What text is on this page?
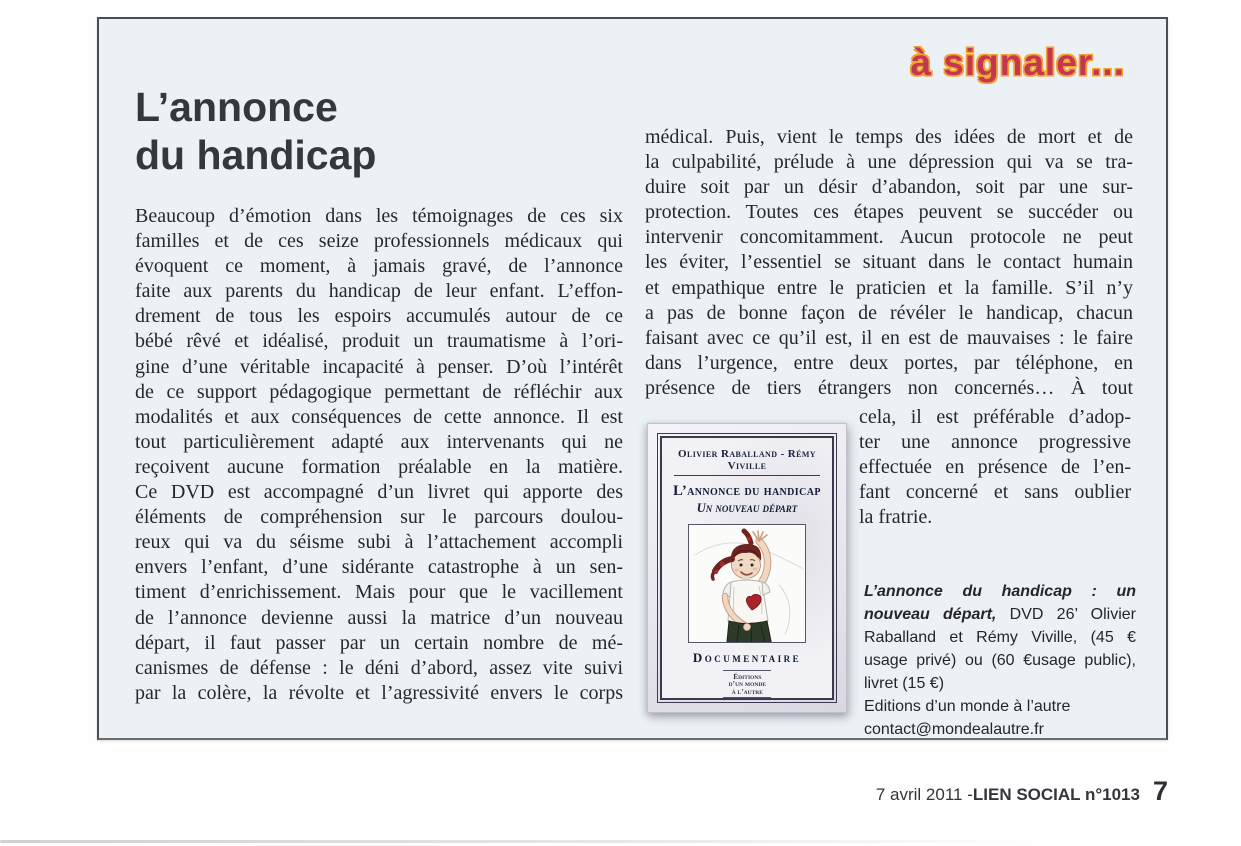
à signaler...
L’annonce
du handicap
Beaucoup d’émotion dans les témoignages de ces six
familles et de ces seize professionnels médicaux qui
évoquent ce moment, à jamais gravé, de l’annonce
faite aux parents du handicap de leur enfant. L’effon-
drement de tous les espoirs accumulés autour de ce
bébé rêvé et idéalisé, produit un traumatisme à l’ori-
gine d’une véritable incapacité à penser. D’où l’intérêt
de ce support pédagogique permettant de réfléchir aux
modalités et aux conséquences de cette annonce. Il est
tout particulièrement adapté aux intervenants qui ne
reçoivent aucune formation préalable en la matière.
Ce DVD est accompagné d’un livret qui apporte des
éléments de compréhension sur le parcours doulou-
reux qui va du séisme subi à l’attachement accompli
envers l’enfant, d’une sidérante catastrophe à un sen-
timent d’enrichissement. Mais pour que le vacillement
de l’annonce devienne aussi la matrice d’un nouveau
départ, il faut passer par un certain nombre de mé-
canismes de défense : le déni d’abord, assez vite suivi
par la colère, la révolte et l’agressivité envers le corps
médical. Puis, vient le temps des idées de mort et de
la culpabilité, prélude à une dépression qui va se tra-
duire soit par un désir d’abandon, soit par une sur-
protection. Toutes ces étapes peuvent se succéder ou
intervenir concomitamment. Aucun protocole ne peut
les éviter, l’essentiel se situant dans le contact humain
et empathique entre le praticien et la famille. S’il n’y
a pas de bonne façon de révéler le handicap, chacun
faisant avec ce qu’il est, il en est de mauvaises : le faire
dans l’urgence, entre deux portes, par téléphone, en
présence de tiers étrangers non concernés… À tout
cela, il est préférable d’adop-
ter une annonce progressive
effectuée en présence de l’en-
fant concerné et sans oublier
la fratrie.
Olivier Raballand - Rémy Viville
L’annonce du handicap
Un nouveau départ
Documentaire
Éditions
d’un monde
à l’autre

L’annonce du handicap : un nouveau départ, DVD 26’ Olivier Raballand et Rémy Viville, (45 € usage privé) ou (60 €usage public), livret (15 €)

Editions d’un monde à l’autre
contact@mondealautre.fr
7 avril 2011 - LIEN SOCIAL n°1013 7
